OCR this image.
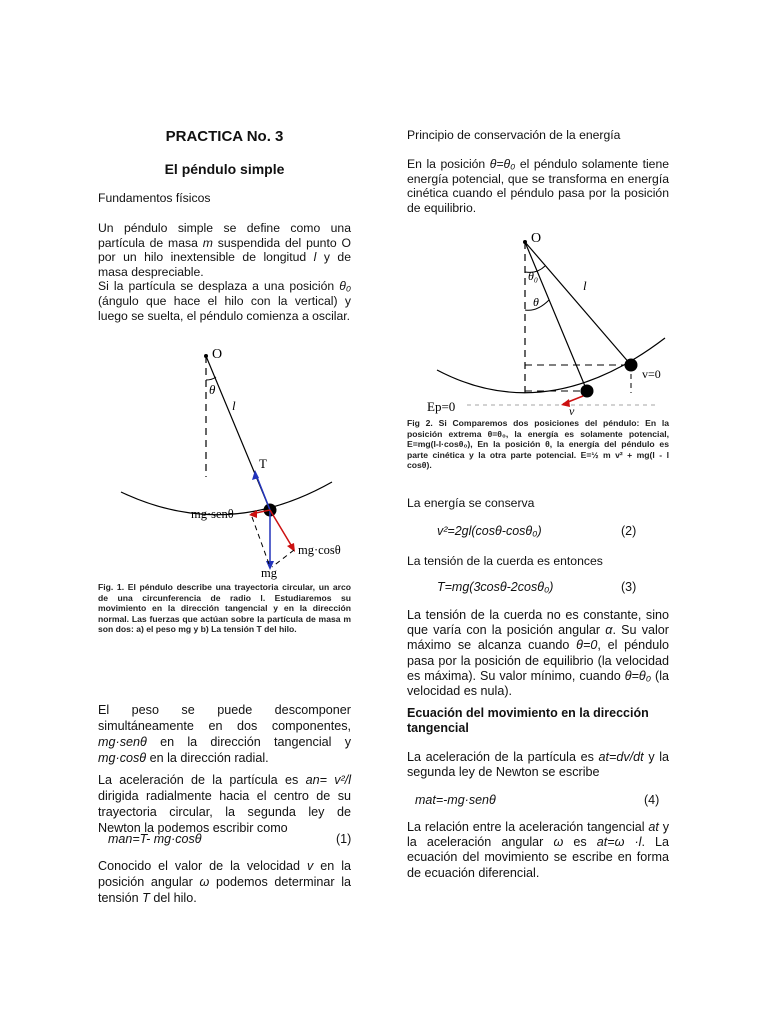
PRACTICA No. 3

El péndulo simple

Fundamentos físicos

Un péndulo simple se define como una partícula de masa m suspendida del punto O por un hilo inextensible de longitud l y de masa despreciable.
Si la partícula se desplaza a una posición θ₀ (ángulo que hace el hilo con la vertical) y luego se suelta, el péndulo comienza a oscilar.

O
θ
l
T
mg·senθ
mg·cosθ
mg

Fig. 1. El péndulo describe una trayectoria circular, un arco de una circunferencia de radio l. Estudiaremos su movimiento en la dirección tangencial y en la dirección normal. Las fuerzas que actúan sobre la partícula de masa m son dos: a) el peso mg y b) La tensión T del hilo.

El peso se puede descomponer simultáneamente en dos componentes, mg·senθ en la dirección tangencial y mg·cosθ en la dirección radial.

La aceleración de la partícula es an= v²/l dirigida radialmente hacia el centro de su trayectoria circular, la segunda ley de Newton la podemos escribir como

man=T- mg·cosθ	(1)

Conocido el valor de la velocidad v en la posición angular ω podemos determinar la tensión T del hilo.

Principio de conservación de la energía

En la posición θ=θ₀ el péndulo solamente tiene energía potencial, que se transforma en energía cinética cuando el péndulo pasa por la posición de equilibrio.

O
θ₀
θ
l
v=0
Ep=0	v

Fig 2. Si Comparemos dos posiciones del péndulo: En la posición extrema θ=θ₀, la energía es solamente potencial, E=mg(l-l·cosθ₀), En la posición θ, la energía del péndulo es parte cinética y la otra parte potencial. E=½ m v² + mg(l - l cosθ).

La energía se conserva

v²=2gl(cosθ-cosθ₀)	(2)

La tensión de la cuerda es entonces

T=mg(3cosθ-2cosθ₀)	(3)

La tensión de la cuerda no es constante, sino que varía con la posición angular α. Su valor máximo se alcanza cuando θ=0, el péndulo pasa por la posición de equilibrio (la velocidad es máxima). Su valor mínimo, cuando θ=θ₀ (la velocidad es nula).

Ecuación del movimiento en la dirección tangencial

La aceleración de la partícula es at=dv/dt y la segunda ley de Newton se escribe

mat=-mg·senθ	(4)

La relación entre la aceleración tangencial at y la aceleración angular ω es at=ω ·l. La ecuación del movimiento se escribe en forma de ecuación diferencial.
